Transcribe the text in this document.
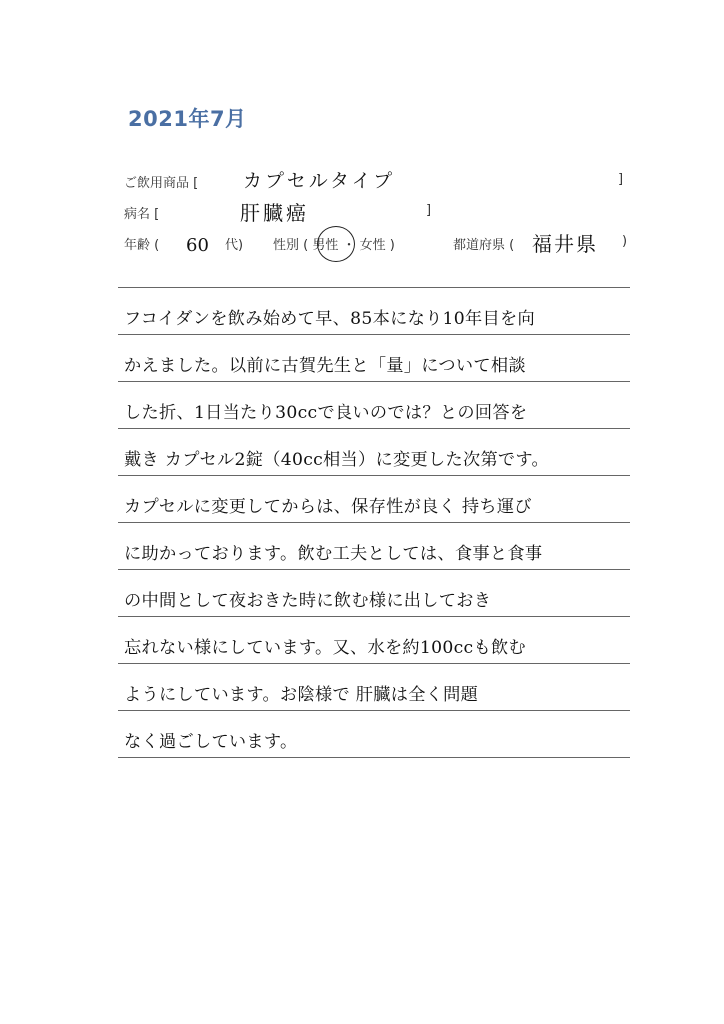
2021年7月
ご飲用商品 [ カプセルタイプ	]
病名 [	肝臓癌	]
年齢 ( 60 代) 性別 ( 男性 ・ 女性 )	都道府県 ( 福井県 )
フコイダンを飲み始めて早、85本になり10年目を向
かえました。以前に古賀先生と「量」について相談
した折、1日当たり30ccで良いのでは？との回答を
戴き カプセル2錠（40cc相当）に変更した次第です。
カプセルに変更してからは、保存性が良く 持ち運び
に助かっております。飲む工夫としては、食事と食事
の中間として夜おきた時に飲む様に出しておき
忘れない様にしています。又、水を約100ccも飲む
ようにしています。お陰様で 肝臓は全く問題
なく過ごしています。
